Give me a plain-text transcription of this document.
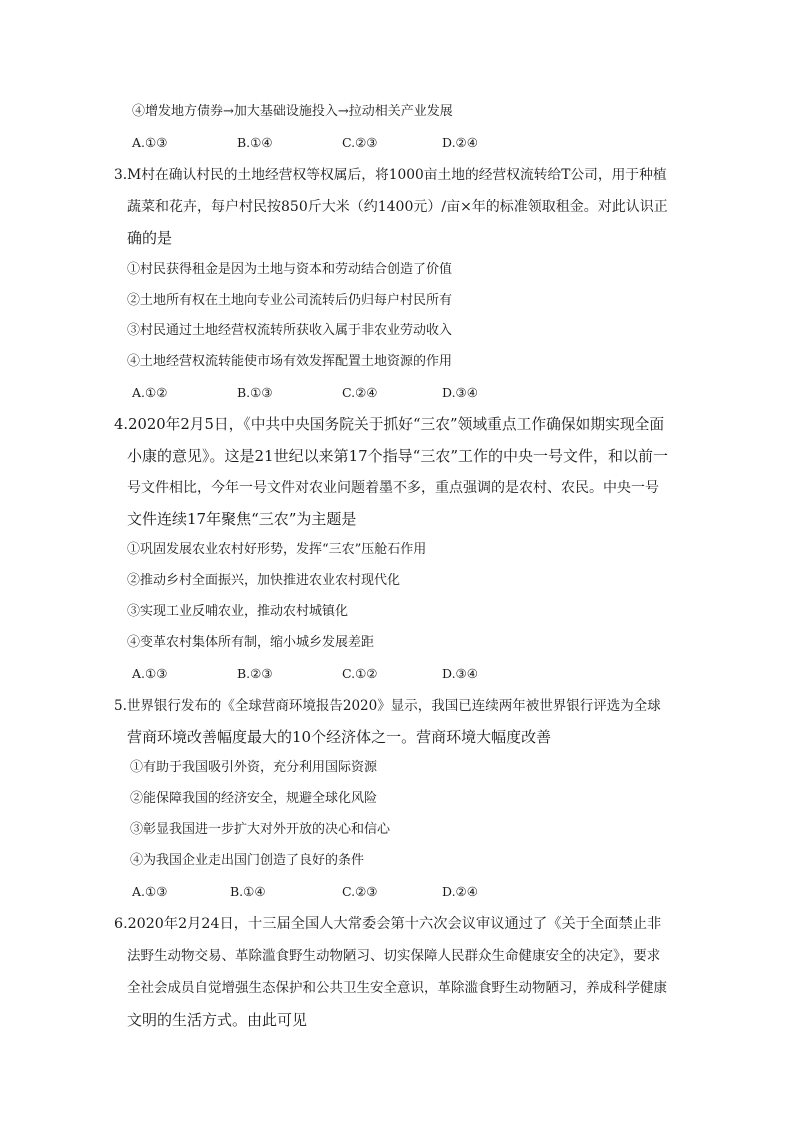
④增发地方债券→加大基础设施投入→拉动相关产业发展
A.①③	B.①④	C.②③	D.②④
3.M村在确认村民的土地经营权等权属后，将1000亩土地的经营权流转给T公司，用于种植
蔬菜和花卉，每户村民按850斤大米（约1400元）/亩×年的标准领取租金。对此认识正
确的是
①村民获得租金是因为土地与资本和劳动结合创造了价值
②土地所有权在土地向专业公司流转后仍归每户村民所有
③村民通过土地经营权流转所获收入属于非农业劳动收入
④土地经营权流转能使市场有效发挥配置土地资源的作用
A.①②	B.①③	C.②④	D.③④
4.2020年2月5日，《中共中央国务院关于抓好“三农”领域重点工作确保如期实现全面
小康的意见》。这是21世纪以来第17个指导“三农”工作的中央一号文件，和以前一
号文件相比，今年一号文件对农业问题着墨不多，重点强调的是农村、农民。中央一号
文件连续17年聚焦“三农”为主题是
①巩固发展农业农村好形势，发挥“三农”压舱石作用
②推动乡村全面振兴，加快推进农业农村现代化
③实现工业反哺农业，推动农村城镇化
④变革农村集体所有制，缩小城乡发展差距
A.①③	B.②③	C.①②	D.③④
5.世界银行发布的《全球营商环境报告2020》显示，我国已连续两年被世界银行评选为全球
营商环境改善幅度最大的10个经济体之一。营商环境大幅度改善
①有助于我国吸引外资，充分利用国际资源
②能保障我国的经济安全，规避全球化风险
③彰显我国进一步扩大对外开放的决心和信心
④为我国企业走出国门创造了良好的条件
A.①③	B.①④	C.②③	D.②④
6.2020年2月24日，十三届全国人大常委会第十六次会议审议通过了《关于全面禁止非
法野生动物交易、革除滥食野生动物陋习、切实保障人民群众生命健康安全的决定》，要求
全社会成员自觉增强生态保护和公共卫生安全意识，革除滥食野生动物陋习，养成科学健康
文明的生活方式。由此可见
